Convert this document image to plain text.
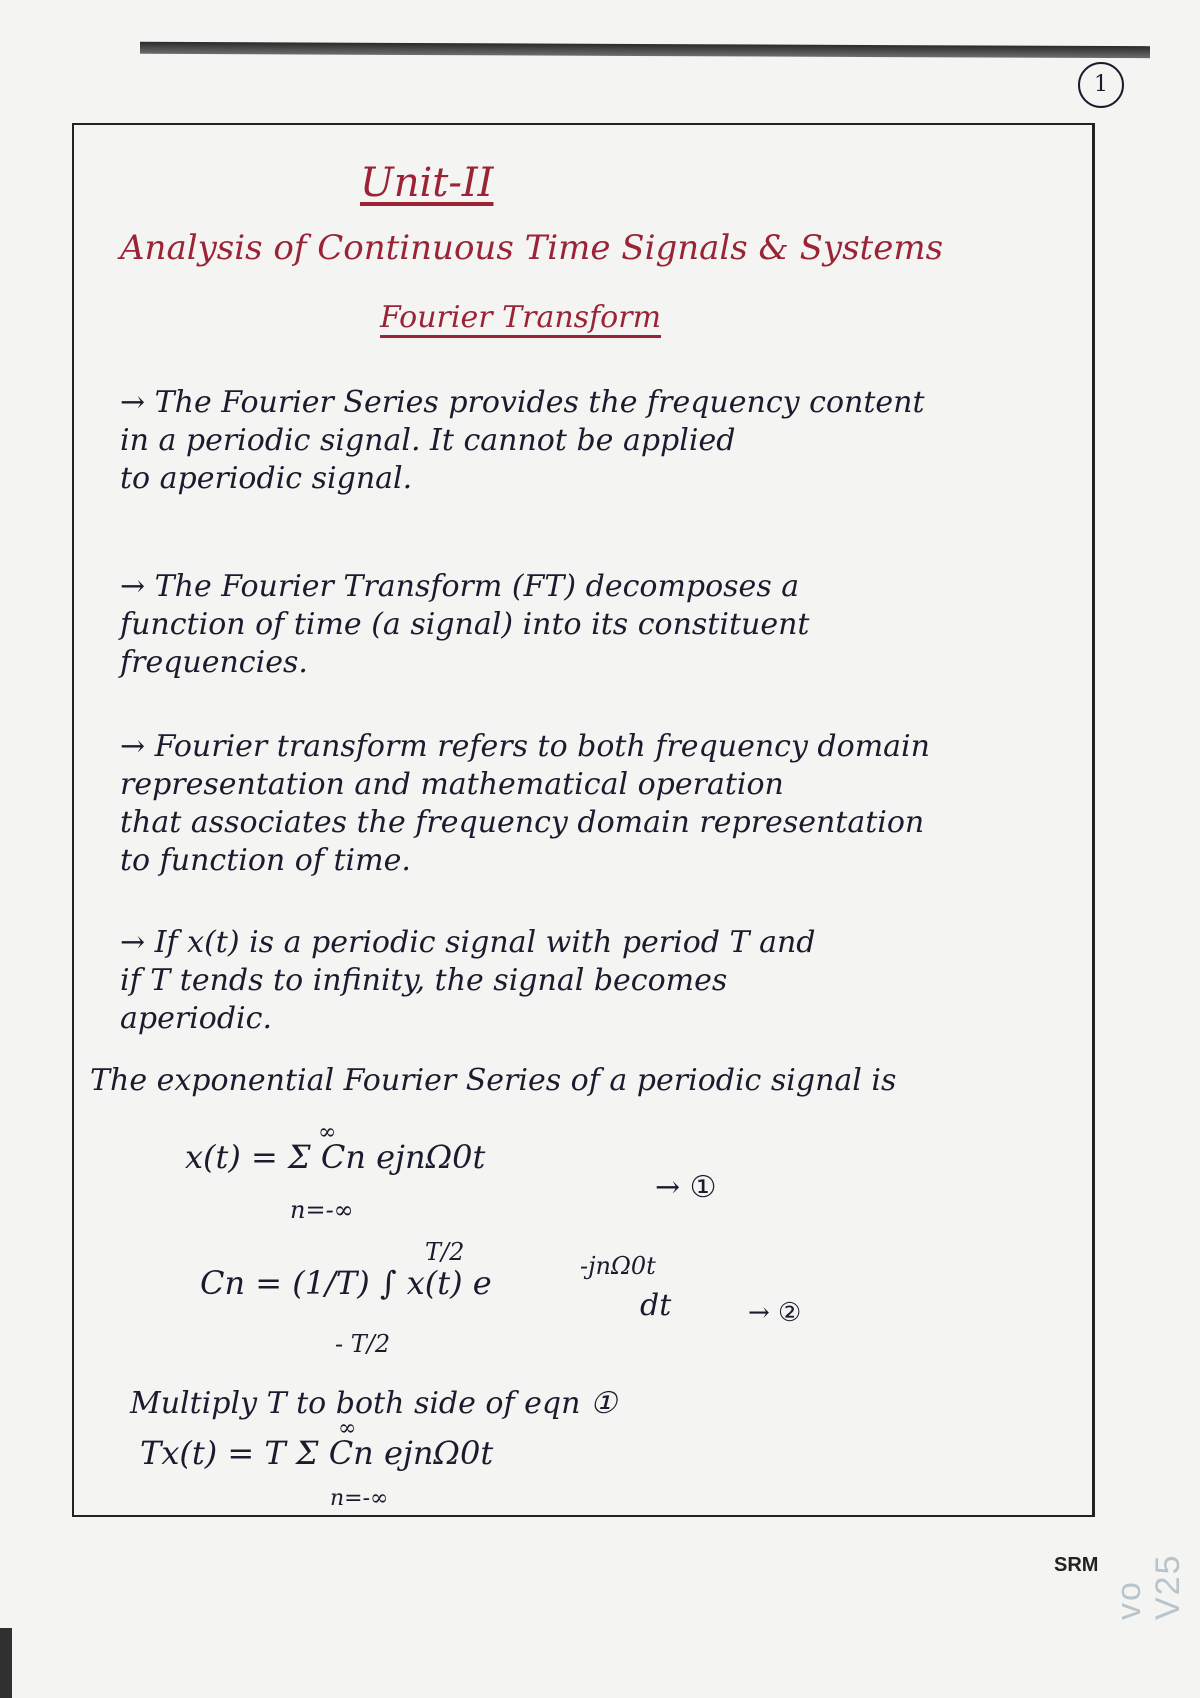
1
Unit-II
Analysis of Continuous Time Signals & Systems
Fourier Transform
→ The Fourier Series provides the frequency content
in a periodic signal. It cannot be applied
to aperiodic signal.
→ The Fourier Transform (FT) decomposes a
function of time (a signal) into its constituent
frequencies.
→ Fourier transform refers to both frequency domain
representation and mathematical operation
that associates the frequency domain representation
to function of time.
→ If x(t) is a periodic signal with period T and
if T tends to infinity, the signal becomes
aperiodic.
The exponential Fourier Series of a periodic signal is
∞
x(t) = Σ Cn ejnΩ0t
n=-∞
→ ①
T/2
Cn = (1/T) ∫ x(t) e	-jnΩ0t
dt	→ ②
- T/2
Multiply T to both side of eqn ①
∞
Tx(t) = T Σ Cn ejnΩ0t
n=-∞
SRM
vo V25
